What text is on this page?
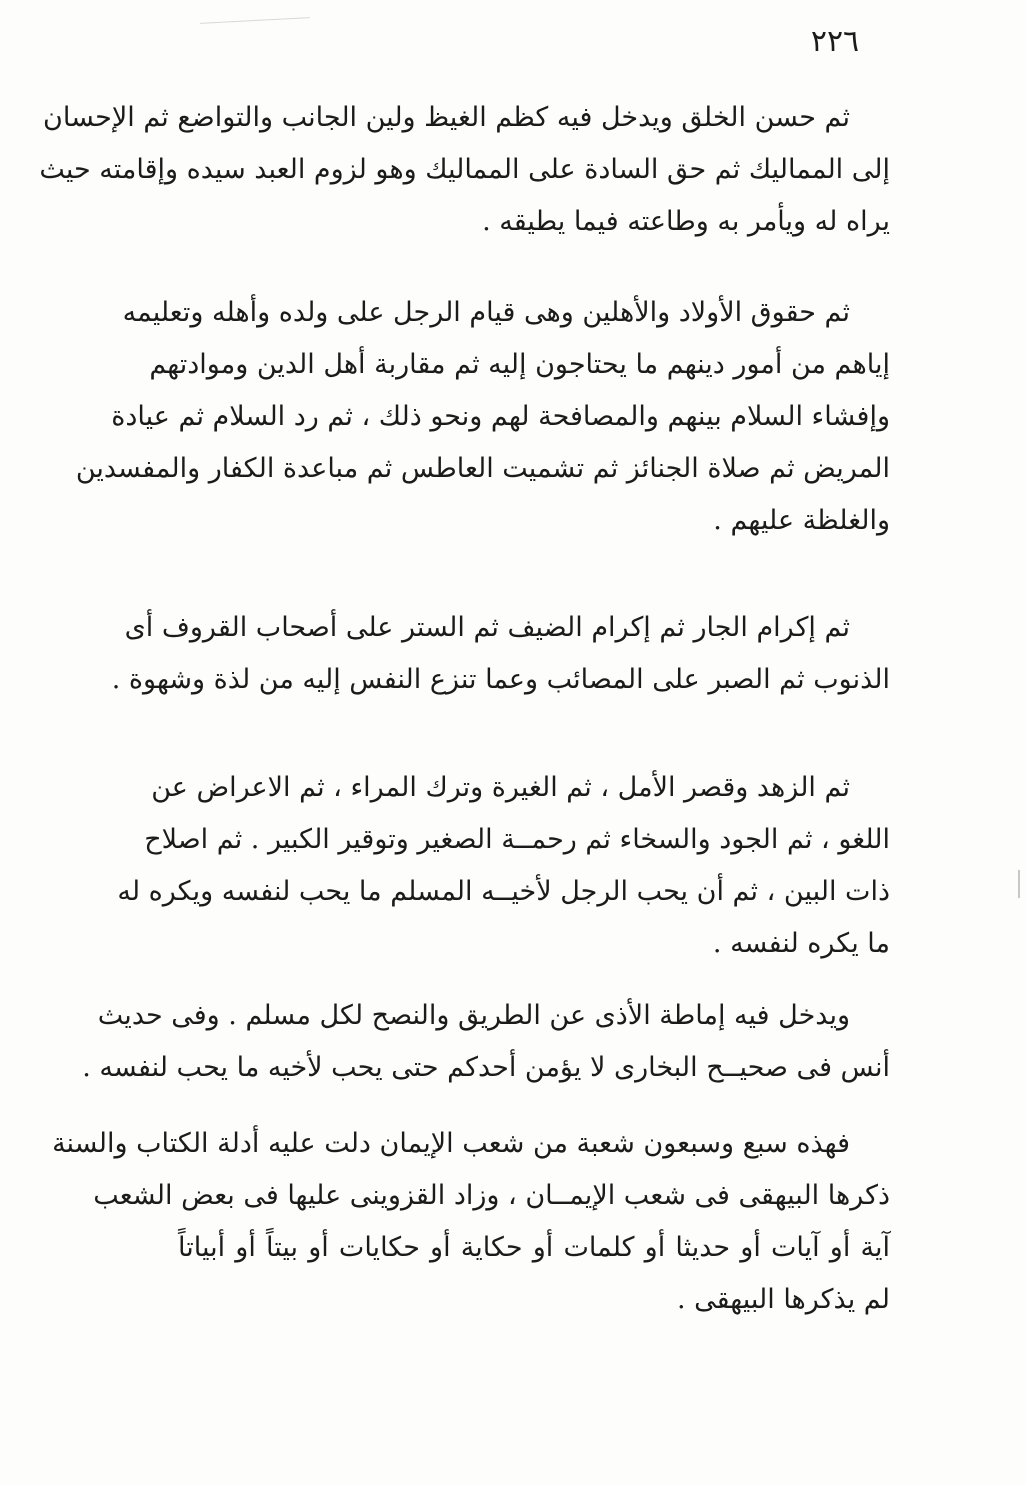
٢٢٦
ثم حسن الخلق ويدخل فيه كظم الغيظ ولين الجانب والتواضع ثم الإحسان
إلى المماليك ثم حق السادة على المماليك وهو لزوم العبد سيده وإقامته حيث
يراه له ويأمر به وطاعته فيما يطيقه .
ثم حقوق الأولاد والأهلين وهى قيام الرجل على ولده وأهله وتعليمه
إياهم من أمور دينهم ما يحتاجون إليه ثم مقاربة أهل الدين وموادتهم
وإفشاء السلام بينهم والمصافحة لهم ونحو ذلك ، ثم رد السلام ثم عيادة
المريض ثم صلاة الجنائز ثم تشميت العاطس ثم مباعدة الكفار والمفسدين
والغلظة عليهم .
ثم إكرام الجار ثم إكرام الضيف ثم الستر على أصحاب القروف أى
الذنوب ثم الصبر على المصائب وعما تنزع النفس إليه من لذة وشهوة .
ثم الزهد وقصر الأمل ، ثم الغيرة وترك المراء ، ثم الاعراض عن
اللغو ، ثم الجود والسخاء ثم رحمــة الصغير وتوقير الكبير . ثم اصلاح
ذات البين ، ثم أن يحب الرجل لأخيــه المسلم ما يحب لنفسه ويكره له
ما يكره لنفسه .
ويدخل فيه إماطة الأذى عن الطريق والنصح لكل مسلم . وفى حديث
أنس فى صحيــح البخارى لا يؤمن أحدكم حتى يحب لأخيه ما يحب لنفسه .
فهذه سبع وسبعون شعبة من شعب الإيمان دلت عليه أدلة الكتاب والسنة
ذكرها البيهقى فى شعب الإيمــان ، وزاد القزوينى عليها فى بعض الشعب
آية أو آيات أو حديثا أو كلمات أو حكاية أو حكايات أو بيتاً أو أبياتاً
لم يذكرها البيهقى .
